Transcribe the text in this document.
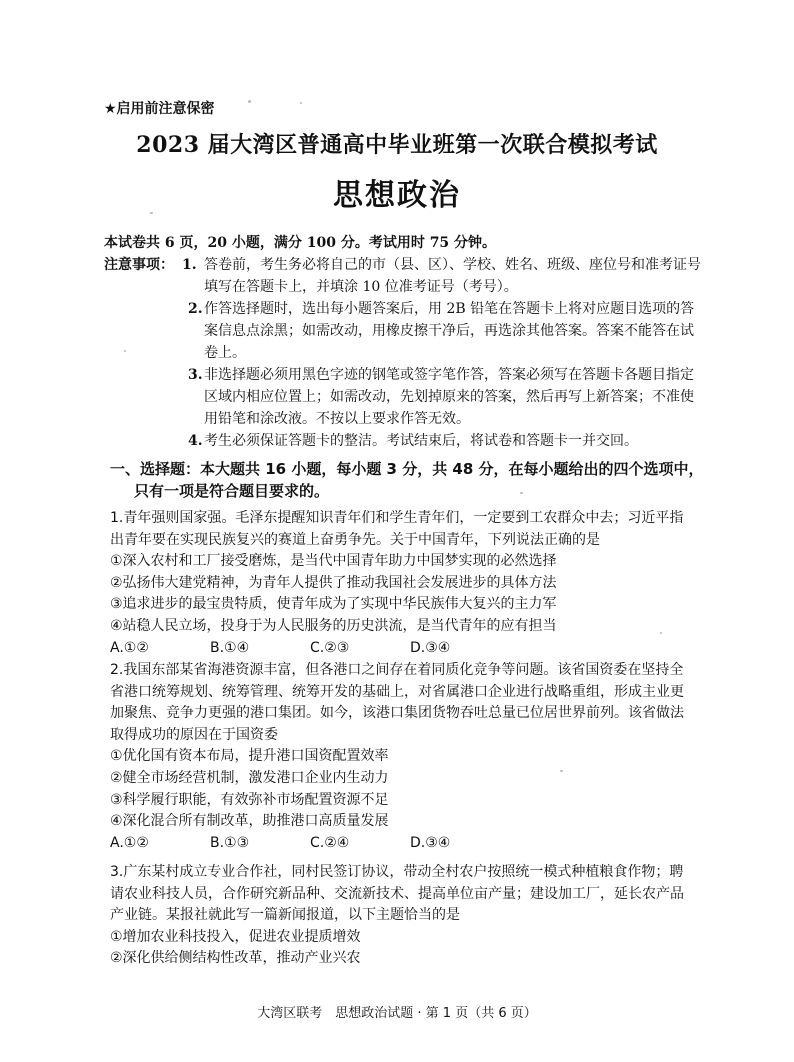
★启用前注意保密
2023 届大湾区普通高中毕业班第一次联合模拟考试
思想政治
本试卷共 6 页，20 小题，满分 100 分。考试用时 75 分钟。
注意事项： 1. 答卷前，考生务必将自己的市（县、区）、学校、姓名、班级、座位号和准考证号填写在答题卡上，并填涂 10 位准考证号（考号）。
2. 作答选择题时，选出每小题答案后，用 2B 铅笔在答题卡上将对应题目选项的答案信息点涂黑；如需改动，用橡皮擦干净后，再选涂其他答案。答案不能答在试卷上。
3. 非选择题必须用黑色字迹的钢笔或签字笔作答，答案必须写在答题卡各题目指定区域内相应位置上；如需改动，先划掉原来的答案，然后再写上新答案；不准使用铅笔和涂改液。不按以上要求作答无效。
4. 考生必须保证答题卡的整洁。考试结束后，将试卷和答题卡一并交回。
一、选择题：本大题共 16 小题，每小题 3 分，共 48 分，在每小题给出的四个选项中，
只有一项是符合题目要求的。

1.青年强则国家强。毛泽东提醒知识青年们和学生青年们，一定要到工农群众中去；习近平指出青年要在实现民族复兴的赛道上奋勇争先。关于中国青年，下列说法正确的是

①深入农村和工厂接受磨炼，是当代中国青年助力中国梦实现的必然选择

②弘扬伟大建党精神，为青年人提供了推动我国社会发展进步的具体方法

③追求进步的最宝贵特质，使青年成为了实现中华民族伟大复兴的主力军

④站稳人民立场，投身于为人民服务的历史洪流，是当代青年的应有担当

A.①②	B.①④	C.②③	D.③④

2.我国东部某省海港资源丰富，但各港口之间存在着同质化竞争等问题。该省国资委在坚持全省港口统筹规划、统筹管理、统筹开发的基础上，对省属港口企业进行战略重组，形成主业更加聚焦、竞争力更强的港口集团。如今，该港口集团货物吞吐总量已位居世界前列。该省做法取得成功的原因在于国资委

①优化国有资本布局，提升港口国资配置效率

②健全市场经营机制，激发港口企业内生动力

③科学履行职能，有效弥补市场配置资源不足

④深化混合所有制改革，助推港口高质量发展

A.①②	B.①③	C.②④	D.③④

3.广东某村成立专业合作社，同村民签订协议，带动全村农户按照统一模式种植粮食作物；聘请农业科技人员，合作研究新品种、交流新技术、提高单位亩产量；建设加工厂，延长农产品产业链。某报社就此写一篇新闻报道，以下主题恰当的是

①增加农业科技投入，促进农业提质增效

②深化供给侧结构性改革，推动产业兴农

大湾区联考　思想政治试题 · 第 1 页（共 6 页）
